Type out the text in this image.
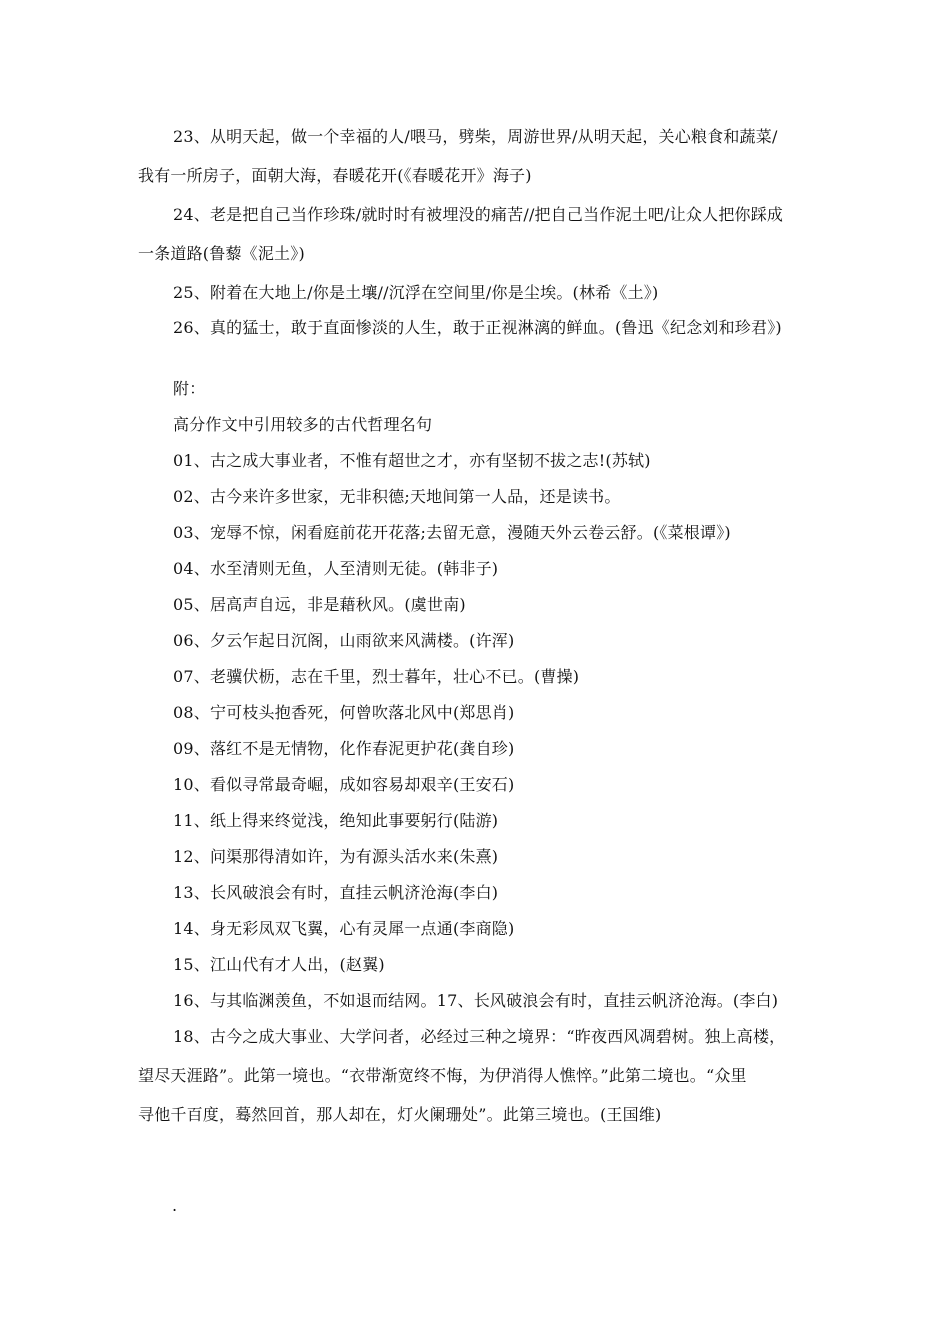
23、从明天起，做一个幸福的人/喂马，劈柴，周游世界/从明天起，关心粮食和蔬菜/
我有一所房子，面朝大海，春暖花开(《春暖花开》海子)
24、老是把自己当作珍珠/就时时有被埋没的痛苦//把自己当作泥土吧/让众人把你踩成
一条道路(鲁藜《泥土》)
25、附着在大地上/你是土壤//沉浮在空间里/你是尘埃。(林希《土》)
26、真的猛士，敢于直面惨淡的人生，敢于正视淋漓的鲜血。(鲁迅《纪念刘和珍君》)
附：
高分作文中引用较多的古代哲理名句
01、古之成大事业者，不惟有超世之才，亦有坚韧不拔之志!(苏轼)
02、古今来许多世家，无非积德;天地间第一人品，还是读书。
03、宠辱不惊，闲看庭前花开花落;去留无意，漫随天外云卷云舒。(《菜根谭》)
04、水至清则无鱼，人至清则无徒。(韩非子)
05、居高声自远，非是藉秋风。(虞世南)
06、夕云乍起日沉阁，山雨欲来风满楼。(许浑)
07、老骥伏枥，志在千里，烈士暮年，壮心不已。(曹操)
08、宁可枝头抱香死，何曾吹落北风中(郑思肖)
09、落红不是无情物，化作春泥更护花(龚自珍)
10、看似寻常最奇崛，成如容易却艰辛(王安石)
11、纸上得来终觉浅，绝知此事要躬行(陆游)
12、问渠那得清如许，为有源头活水来(朱熹)
13、长风破浪会有时，直挂云帆济沧海(李白)
14、身无彩凤双飞翼，心有灵犀一点通(李商隐)
15、江山代有才人出，(赵翼)
16、与其临渊羡鱼，不如退而结网。17、长风破浪会有时，直挂云帆济沧海。(李白)
18、古今之成大事业、大学问者，必经过三种之境界：“昨夜西风凋碧树。独上高楼，
望尽天涯路”。此第一境也。“衣带渐宽终不悔，为伊消得人憔悴。”此第二境也。“众里
寻他千百度，蓦然回首，那人却在，灯火阑珊处”。此第三境也。(王国维)
.
